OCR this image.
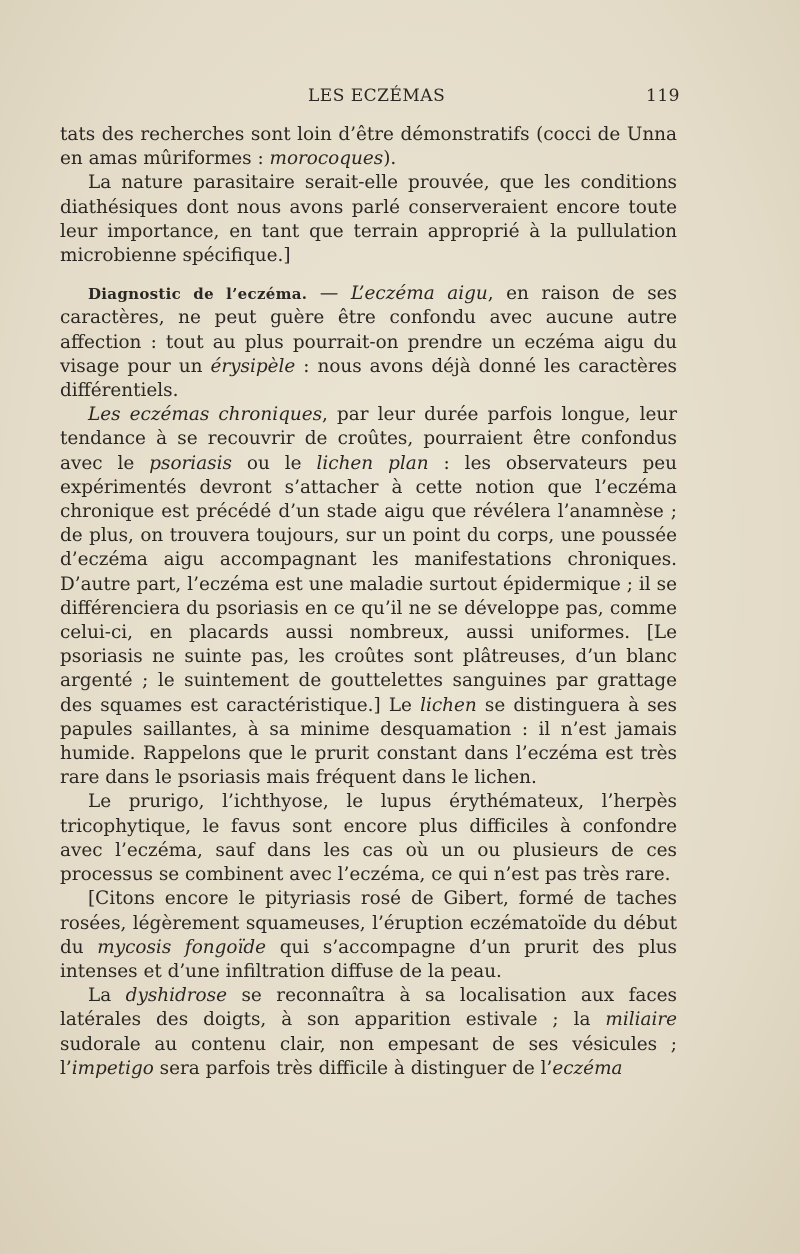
LES ECZÉMAS	119

tats des recherches sont loin d’être démonstratifs (cocci de Unna en amas mûriformes : morocoques).

La nature parasitaire serait-elle prouvée, que les conditions diathésiques dont nous avons parlé conserveraient encore toute leur importance, en tant que terrain approprié à la pullulation microbienne spécifique.]

Diagnostic de l’eczéma. — L’eczéma aigu, en raison de ses caractères, ne peut guère être confondu avec aucune autre affection : tout au plus pourrait-on prendre un eczéma aigu du visage pour un érysipèle : nous avons déjà donné les caractères différentiels.

Les eczémas chroniques, par leur durée parfois longue, leur tendance à se recouvrir de croûtes, pourraient être confondus avec le psoriasis ou le lichen plan : les observateurs peu expérimentés devront s’attacher à cette notion que l’eczéma chronique est précédé d’un stade aigu que révélera l’anamnèse ; de plus, on trouvera toujours, sur un point du corps, une poussée d’eczéma aigu accompagnant les manifestations chroniques. D’autre part, l’eczéma est une maladie surtout épidermique ; il se différenciera du psoriasis en ce qu’il ne se développe pas, comme celui-ci, en placards aussi nombreux, aussi uniformes. [Le psoriasis ne suinte pas, les croûtes sont plâtreuses, d’un blanc argenté ; le suintement de gouttelettes sanguines par grattage des squames est caractéristique.] Le lichen se distinguera à ses papules saillantes, à sa minime desquamation : il n’est jamais humide. Rappelons que le prurit constant dans l’eczéma est très rare dans le psoriasis mais fréquent dans le lichen.

Le prurigo, l’ichthyose, le lupus érythémateux, l’herpès tricophytique, le favus sont encore plus difficiles à confondre avec l’eczéma, sauf dans les cas où un ou plusieurs de ces processus se combinent avec l’eczéma, ce qui n’est pas très rare.

[Citons encore le pityriasis rosé de Gibert, formé de taches rosées, légèrement squameuses, l’éruption eczématoïde du début du mycosis fongoïde qui s’accompagne d’un prurit des plus intenses et d’une infiltration diffuse de la peau.

La dyshidrose se reconnaîtra à sa localisation aux faces latérales des doigts, à son apparition estivale ; la miliaire sudorale au contenu clair, non empesant de ses vésicules ; l’impetigo sera parfois très difficile à distinguer de l’eczéma
